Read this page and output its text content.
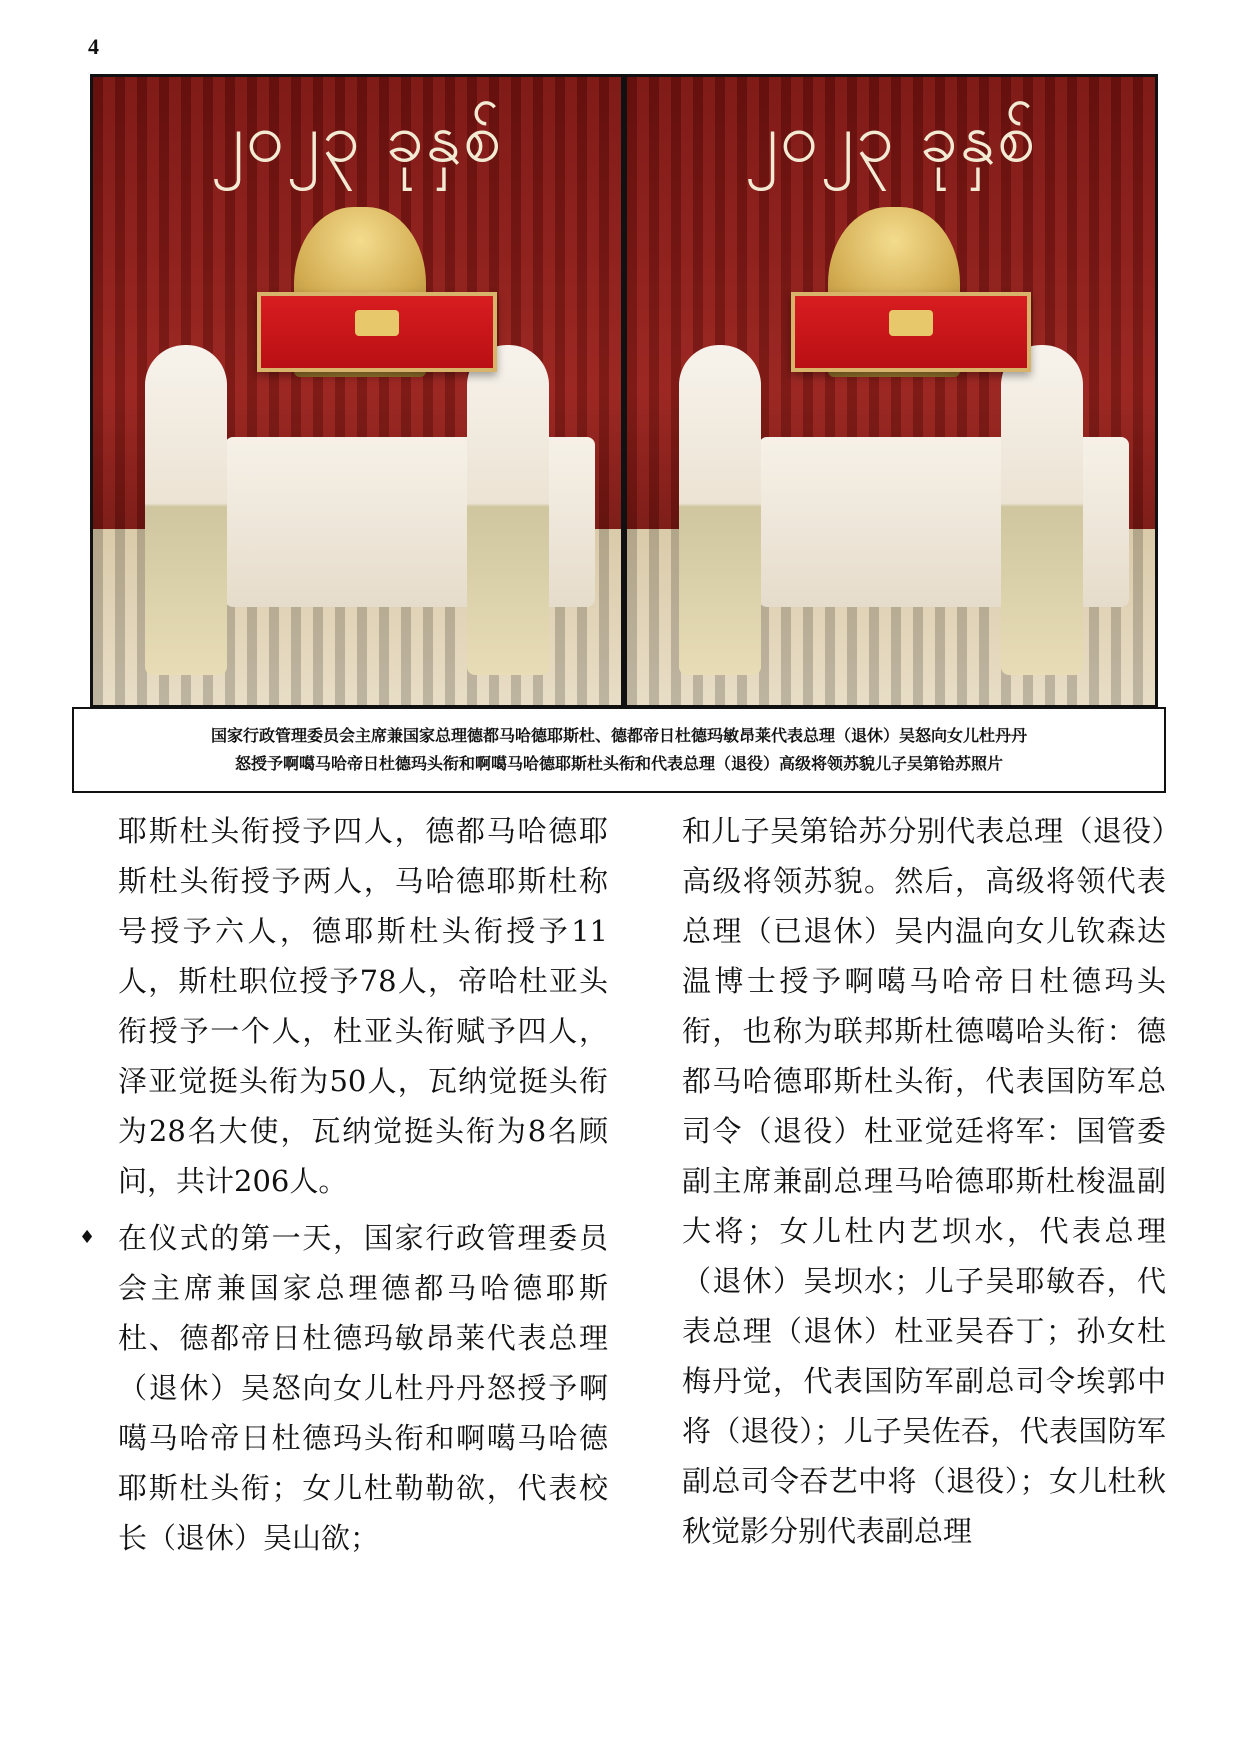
4
၂၀၂၃ ခုနှစ်	၂၀၂၃ ခုနှစ်
国家行政管理委员会主席兼国家总理德都马哈德耶斯杜、德都帝日杜德玛敏昂莱代表总理（退休）吴怒向女儿杜丹丹
怒授予啊噶马哈帝日杜德玛头衔和啊噶马哈德耶斯杜头衔和代表总理（退役）高级将领苏貌儿子吴第铪苏照片

耶斯杜头衔授予四人，德都马哈德耶斯杜头衔授予两人，马哈德耶斯杜称号授予六人，德耶斯杜头衔授予11人，斯杜职位授予78人，帝哈杜亚头衔授予一个人，杜亚头衔赋予四人，泽亚觉挺头衔为50人，瓦纳觉挺头衔为28名大使，瓦纳觉挺头衔为8名顾问，共计206人。

♦ 在仪式的第一天，国家行政管理委员会主席兼国家总理德都马哈德耶斯杜、德都帝日杜德玛敏昂莱代表总理（退休）吴怒向女儿杜丹丹怒授予啊噶马哈帝日杜德玛头衔和啊噶马哈德耶斯杜头衔；女儿杜勒勒欲，代表校长（退休）吴山欲；

和儿子吴第铪苏分别代表总理（退役）高级将领苏貌。然后，高级将领代表总理（已退休）吴内温向女儿钦森达温博士授予啊噶马哈帝日杜德玛头衔，也称为联邦斯杜德噶哈头衔：德都马哈德耶斯杜头衔，代表国防军总司令（退役）杜亚觉廷将军：国管委副主席兼副总理马哈德耶斯杜梭温副大将；女儿杜内艺坝水，代表总理（退休）吴坝水；儿子吴耶敏吞，代表总理（退休）杜亚吴吞丁；孙女杜梅丹觉，代表国防军副总司令埃郭中将（退役）；儿子吴佐吞，代表国防军副总司令吞艺中将（退役）；女儿杜秋秋觉影分别代表副总理
